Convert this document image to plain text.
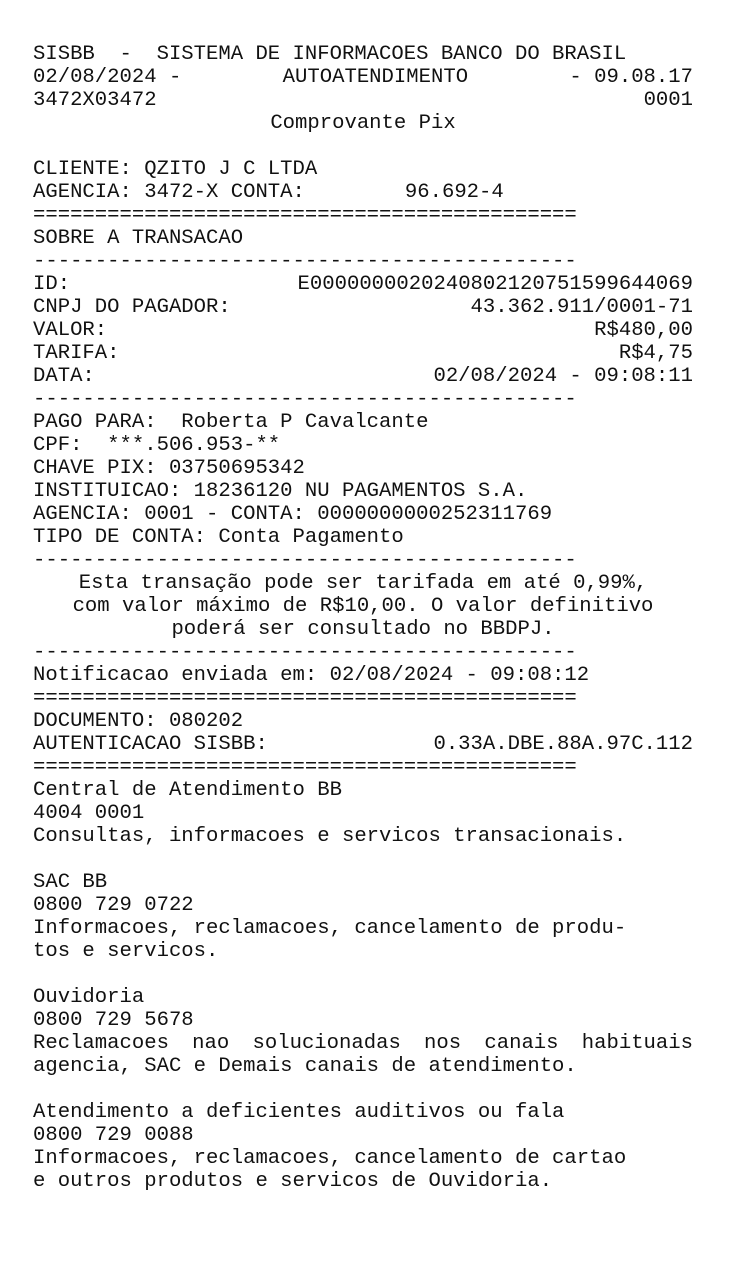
SISBB  -  SISTEMA DE INFORMACOES BANCO DO BRASIL
02/08/2024 -	AUTOATENDIMENTO	- 09.08.17
3472X03472	0001
Comprovante Pix
CLIENTE: QZITO J C LTDA
AGENCIA: 3472-X CONTA:	96.692-4
============================================
SOBRE A TRANSACAO
--------------------------------------------
ID:	E0000000020240802120751599644069
CNPJ DO PAGADOR:	43.362.911/0001-71
VALOR:	R$480,00
TARIFA:	R$4,75
DATA:	02/08/2024 - 09:08:11
--------------------------------------------
PAGO PARA:  Roberta P Cavalcante
CPF:  ***.506.953-**
CHAVE PIX: 03750695342
INSTITUICAO: 18236120 NU PAGAMENTOS S.A.
AGENCIA: 0001 - CONTA: 0000000000252311769
TIPO DE CONTA: Conta Pagamento
--------------------------------------------
Esta transação pode ser tarifada em até 0,99%,
com valor máximo de R$10,00. O valor definitivo
poderá ser consultado no BBDPJ.
--------------------------------------------
Notificacao enviada em: 02/08/2024 - 09:08:12
============================================
DOCUMENTO: 080202
AUTENTICACAO SISBB:	0.33A.DBE.88A.97C.112
============================================
Central de Atendimento BB
4004 0001
Consultas, informacoes e servicos transacionais.
SAC BB
0800 729 0722
Informacoes, reclamacoes, cancelamento de produ-
tos e servicos.
Ouvidoria
0800 729 5678
Reclamacoes nao solucionadas nos canais habituais agencia, SAC e Demais canais de atendimento.
Atendimento a deficientes auditivos ou fala
0800 729 0088
Informacoes, reclamacoes, cancelamento de cartao
e outros produtos e servicos de Ouvidoria.
